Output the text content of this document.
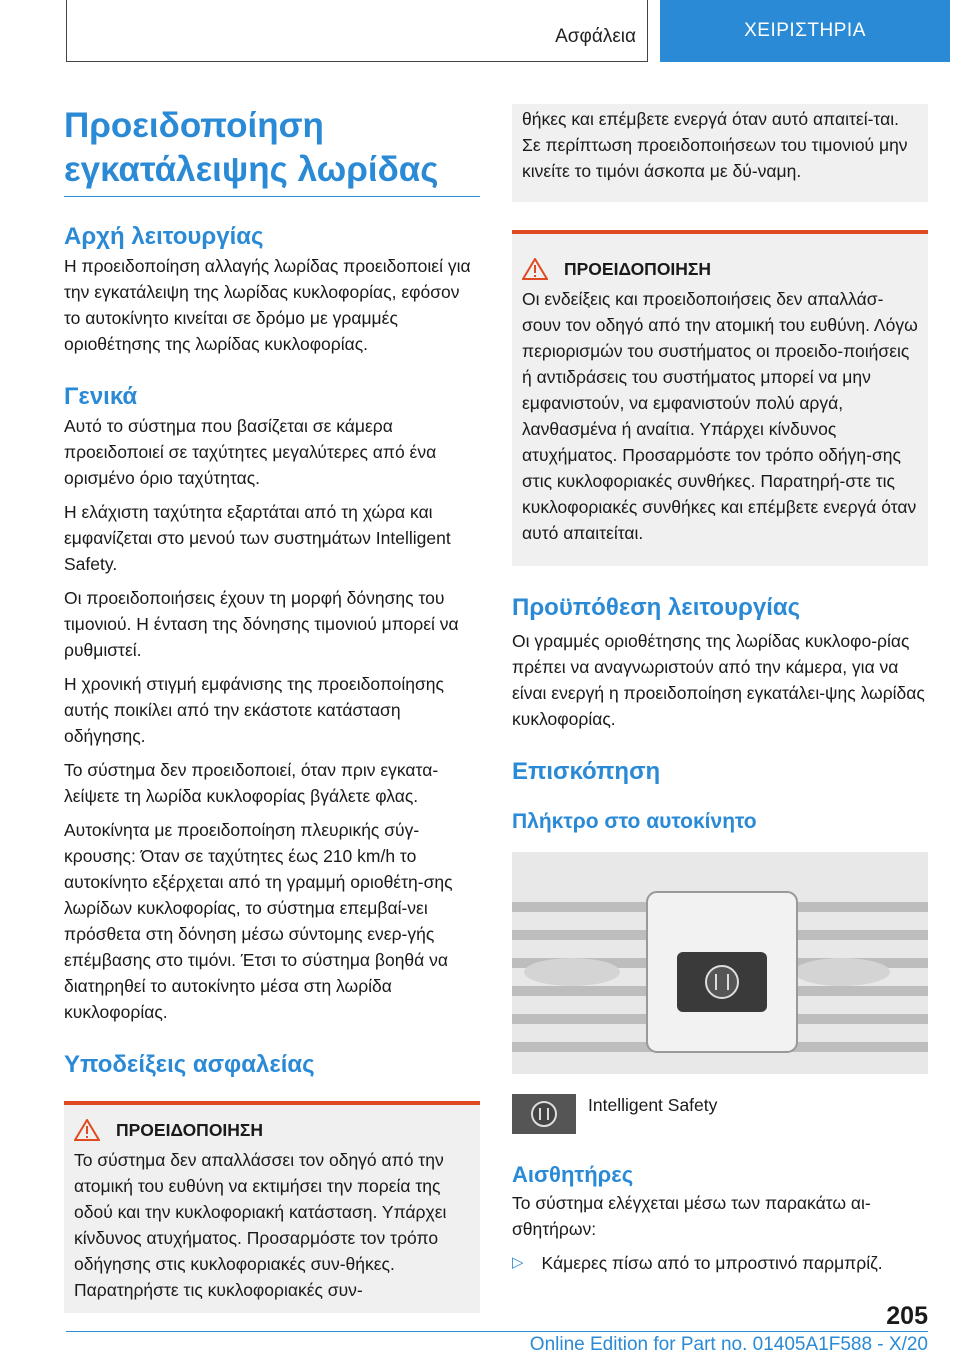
Ασφάλεια	ΧΕΙΡΙΣΤΗΡΙΑ
Προειδοποίηση
εγκατάλειψης λωρίδας
Αρχή λειτουργίας

Η προειδοποίηση αλλαγής λωρίδας προειδοποιεί για την εγκατάλειψη της λωρίδας κυκλοφορίας, εφόσον το αυτοκίνητο κινείται σε δρόμο με γραμμές οριοθέτησης της λωρίδας κυκλοφορίας.

Γενικά

Αυτό το σύστημα που βασίζεται σε κάμερα προειδοποιεί σε ταχύτητες μεγαλύτερες από ένα ορισμένο όριο ταχύτητας.

Η ελάχιστη ταχύτητα εξαρτάται από τη χώρα και εμφανίζεται στο μενού των συστημάτων Intelligent Safety.

Οι προειδοποιήσεις έχουν τη μορφή δόνησης του τιμονιού. Η ένταση της δόνησης τιμονιού μπορεί να ρυθμιστεί.

Η χρονική στιγμή εμφάνισης της προειδοποίησης αυτής ποικίλει από την εκάστοτε κατάσταση οδήγησης.

Το σύστημα δεν προειδοποιεί, όταν πριν εγκατα-λείψετε τη λωρίδα κυκλοφορίας βγάλετε φλας.

Αυτοκίνητα με προειδοποίηση πλευρικής σύγ-κρουσης: Όταν σε ταχύτητες έως 210 km/h το αυτοκίνητο εξέρχεται από τη γραμμή οριοθέτη-σης λωρίδων κυκλοφορίας, το σύστημα επεμβαί-νει πρόσθετα στη δόνηση μέσω σύντομης ενερ-γής επέμβασης στο τιμόνι. Έτσι το σύστημα βοηθά να διατηρηθεί το αυτοκίνητο μέσα στη λωρίδα κυκλοφορίας.

Υποδείξεις ασφαλείας
ΠΡΟΕΙΔΟΠΟΙΗΣΗ

Το σύστημα δεν απαλλάσσει τον οδηγό από την ατομική του ευθύνη να εκτιμήσει την πορεία της οδού και την κυκλοφοριακή κατάσταση. Υπάρχει κίνδυνος ατυχήματος. Προσαρμόστε τον τρόπο οδήγησης στις κυκλοφοριακές συν-θήκες. Παρατηρήστε τις κυκλοφοριακές συν-

θήκες και επέμβετε ενεργά όταν αυτό απαιτεί-ται. Σε περίπτωση προειδοποιήσεων του τιμονιού μην κινείτε το τιμόνι άσκοπα με δύ-ναμη.

ΠΡΟΕΙΔΟΠΟΙΗΣΗ

Οι ενδείξεις και προειδοποιήσεις δεν απαλλάσ-σουν τον οδηγό από την ατομική του ευθύνη. Λόγω περιορισμών του συστήματος οι προειδο-ποιήσεις ή αντιδράσεις του συστήματος μπορεί να μην εμφανιστούν, να εμφανιστούν πολύ αργά, λανθασμένα ή αναίτια. Υπάρχει κίνδυνος ατυχήματος. Προσαρμόστε τον τρόπο οδήγη-σης στις κυκλοφοριακές συνθήκες. Παρατηρή-στε τις κυκλοφοριακές συνθήκες και επέμβετε ενεργά όταν αυτό απαιτείται.

Προϋπόθεση λειτουργίας

Οι γραμμές οριοθέτησης της λωρίδας κυκλοφο-ρίας πρέπει να αναγνωριστούν από την κάμερα, για να είναι ενεργή η προειδοποίηση εγκατάλει-ψης λωρίδας κυκλοφορίας.

Επισκόπηση
Πλήκτρο στο αυτοκίνητο

Intelligent Safety

Αισθητήρες

Το σύστημα ελέγχεται μέσω των παρακάτω αι-σθητήρων:

▷ Κάμερες πίσω από το μπροστινό παρμπρίζ.
205
Online Edition for Part no. 01405A1F588 - X/20
